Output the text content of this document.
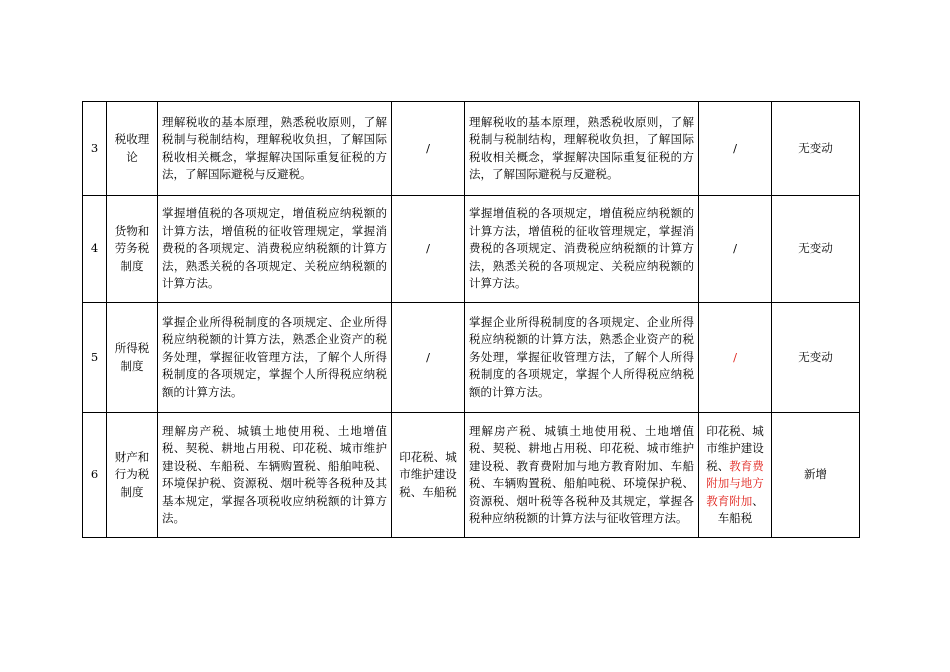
3	税收理论	理解税收的基本原理，熟悉税收原则，了解税制与税制结构，理解税收负担，了解国际税收相关概念，掌握解决国际重复征税的方法，了解国际避税与反避税。	/	理解税收的基本原理，熟悉税收原则，了解税制与税制结构，理解税收负担，了解国际税收相关概念，掌握解决国际重复征税的方法，了解国际避税与反避税。	/	无变动
4	货物和劳务税制度	掌握增值税的各项规定，增值税应纳税额的计算方法，增值税的征收管理规定，掌握消费税的各项规定、消费税应纳税额的计算方法，熟悉关税的各项规定、关税应纳税额的计算方法。	/	掌握增值税的各项规定，增值税应纳税额的计算方法，增值税的征收管理规定，掌握消费税的各项规定、消费税应纳税额的计算方法，熟悉关税的各项规定、关税应纳税额的计算方法。	/	无变动
5	所得税制度	掌握企业所得税制度的各项规定、企业所得税应纳税额的计算方法，熟悉企业资产的税务处理，掌握征收管理方法，了解个人所得税制度的各项规定，掌握个人所得税应纳税额的计算方法。	/	掌握企业所得税制度的各项规定、企业所得税应纳税额的计算方法，熟悉企业资产的税务处理，掌握征收管理方法，了解个人所得税制度的各项规定，掌握个人所得税应纳税额的计算方法。	/	无变动
6	财产和行为税制度	理解房产税、城镇土地使用税、土地增值税、契税、耕地占用税、印花税、城市维护建设税、车船税、车辆购置税、船舶吨税、环境保护税、资源税、烟叶税等各税种及其基本规定，掌握各项税收应纳税额的计算方法。	印花税、城市维护建设税、车船税	理解房产税、城镇土地使用税、土地增值税、契税、耕地占用税、印花税、城市维护建设税、教育费附加与地方教育附加、车船税、车辆购置税、船舶吨税、环境保护税、资源税、烟叶税等各税种及其规定，掌握各税种应纳税额的计算方法与征收管理方法。	印花税、城市维护建设税、教育费附加与地方教育附加、车船税	新增
